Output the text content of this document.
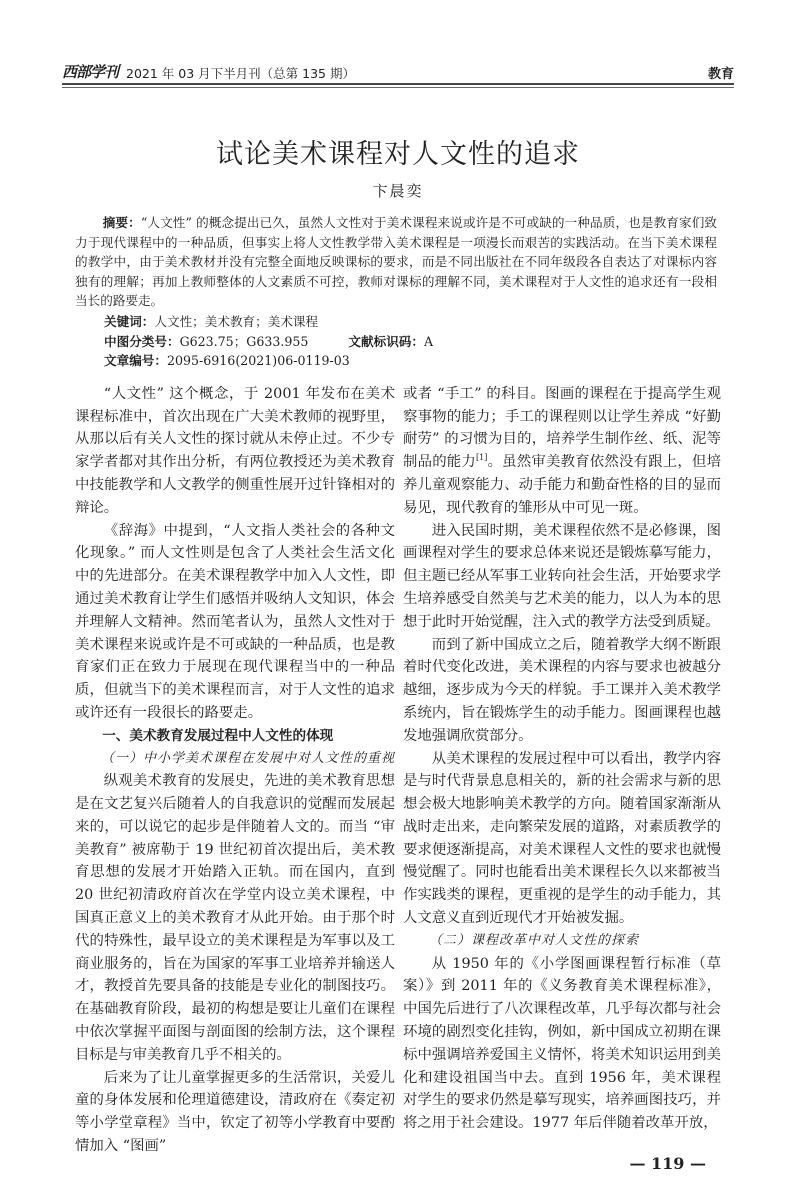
西部学刊 2021 年 03 月下半月刊（总第 135 期）	教育
试论美术课程对人文性的追求
卞晨奕
摘要：“人文性” 的概念提出已久，虽然人文性对于美术课程来说或许是不可或缺的一种品质，也是教育家们致力于现代课程中的一种品质，但事实上将人文性教学带入美术课程是一项漫长而艰苦的实践活动。在当下美术课程的教学中，由于美术教材并没有完整全面地反映课标的要求，而是不同出版社在不同年级段各自表达了对课标内容独有的理解；再加上教师整体的人文素质不可控，教师对课标的理解不同，美术课程对于人文性的追求还有一段相当长的路要走。
关键词：人文性；美术教育；美术课程
中图分类号：G623.75；G633.955	文献标识码：A
文章编号：2095-6916(2021)06-0119-03

“人文性” 这个概念，于 2001 年发布在美术课程标准中，首次出现在广大美术教师的视野里，从那以后有关人文性的探讨就从未停止过。不少专家学者都对其作出分析，有两位教授还为美术教育中技能教学和人文教学的侧重性展开过针锋相对的辩论。

《辞海》中提到，“人文指人类社会的各种文化现象。” 而人文性则是包含了人类社会生活文化中的先进部分。在美术课程教学中加入人文性，即通过美术教育让学生们感悟并吸纳人文知识，体会并理解人文精神。然而笔者认为，虽然人文性对于美术课程来说或许是不可或缺的一种品质，也是教育家们正在致力于展现在现代课程当中的一种品质，但就当下的美术课程而言，对于人文性的追求或许还有一段很长的路要走。

一、美术教育发展过程中人文性的体现

（一）中小学美术课程在发展中对人文性的重视

纵观美术教育的发展史，先进的美术教育思想是在文艺复兴后随着人的自我意识的觉醒而发展起来的，可以说它的起步是伴随着人文的。而当 “审美教育” 被席勒于 19 世纪初首次提出后，美术教育思想的发展才开始踏入正轨。而在国内，直到 20 世纪初清政府首次在学堂内设立美术课程，中国真正意义上的美术教育才从此开始。由于那个时代的特殊性，最早设立的美术课程是为军事以及工商业服务的，旨在为国家的军事工业培养并输送人才，教授首先要具备的技能是专业化的制图技巧。在基础教育阶段，最初的构想是要让儿童们在课程中依次掌握平面图与剖面图的绘制方法，这个课程目标是与审美教育几乎不相关的。

后来为了让儿童掌握更多的生活常识，关爱儿童的身体发展和伦理道德建设，清政府在《奏定初等小学堂章程》当中，钦定了初等小学教育中要酌情加入 “图画”

或者 “手工” 的科目。图画的课程在于提高学生观察事物的能力；手工的课程则以让学生养成 “好勤耐劳” 的习惯为目的，培养学生制作丝、纸、泥等制品的能力[1]。虽然审美教育依然没有跟上，但培养儿童观察能力、动手能力和勤奋性格的目的显而易见，现代教育的雏形从中可见一斑。

进入民国时期，美术课程依然不是必修课，图画课程对学生的要求总体来说还是锻炼摹写能力，但主题已经从军事工业转向社会生活，开始要求学生培养感受自然美与艺术美的能力，以人为本的思想于此时开始觉醒，注入式的教学方法受到质疑。

而到了新中国成立之后，随着教学大纲不断跟着时代变化改进，美术课程的内容与要求也被越分越细，逐步成为今天的样貌。手工课并入美术教学系统内，旨在锻炼学生的动手能力。图画课程也越发地强调欣赏部分。

从美术课程的发展过程中可以看出，教学内容是与时代背景息息相关的，新的社会需求与新的思想会极大地影响美术教学的方向。随着国家渐渐从战时走出来，走向繁荣发展的道路，对素质教学的要求便逐渐提高，对美术课程人文性的要求也就慢慢觉醒了。同时也能看出美术课程长久以来都被当作实践类的课程，更重视的是学生的动手能力，其人文意义直到近现代才开始被发掘。

（二）课程改革中对人文性的探索

从 1950 年的《小学图画课程暂行标准（草案）》到 2011 年的《义务教育美术课程标准》，中国先后进行了八次课程改革，几乎每次都与社会环境的剧烈变化挂钩，例如，新中国成立初期在课标中强调培养爱国主义情怀，将美术知识运用到美化和建设祖国当中去。直到 1956 年，美术课程对学生的要求仍然是摹写现实，培养画图技巧，并将之用于社会建设。1977 年后伴随着改革开放，

— 119 —
